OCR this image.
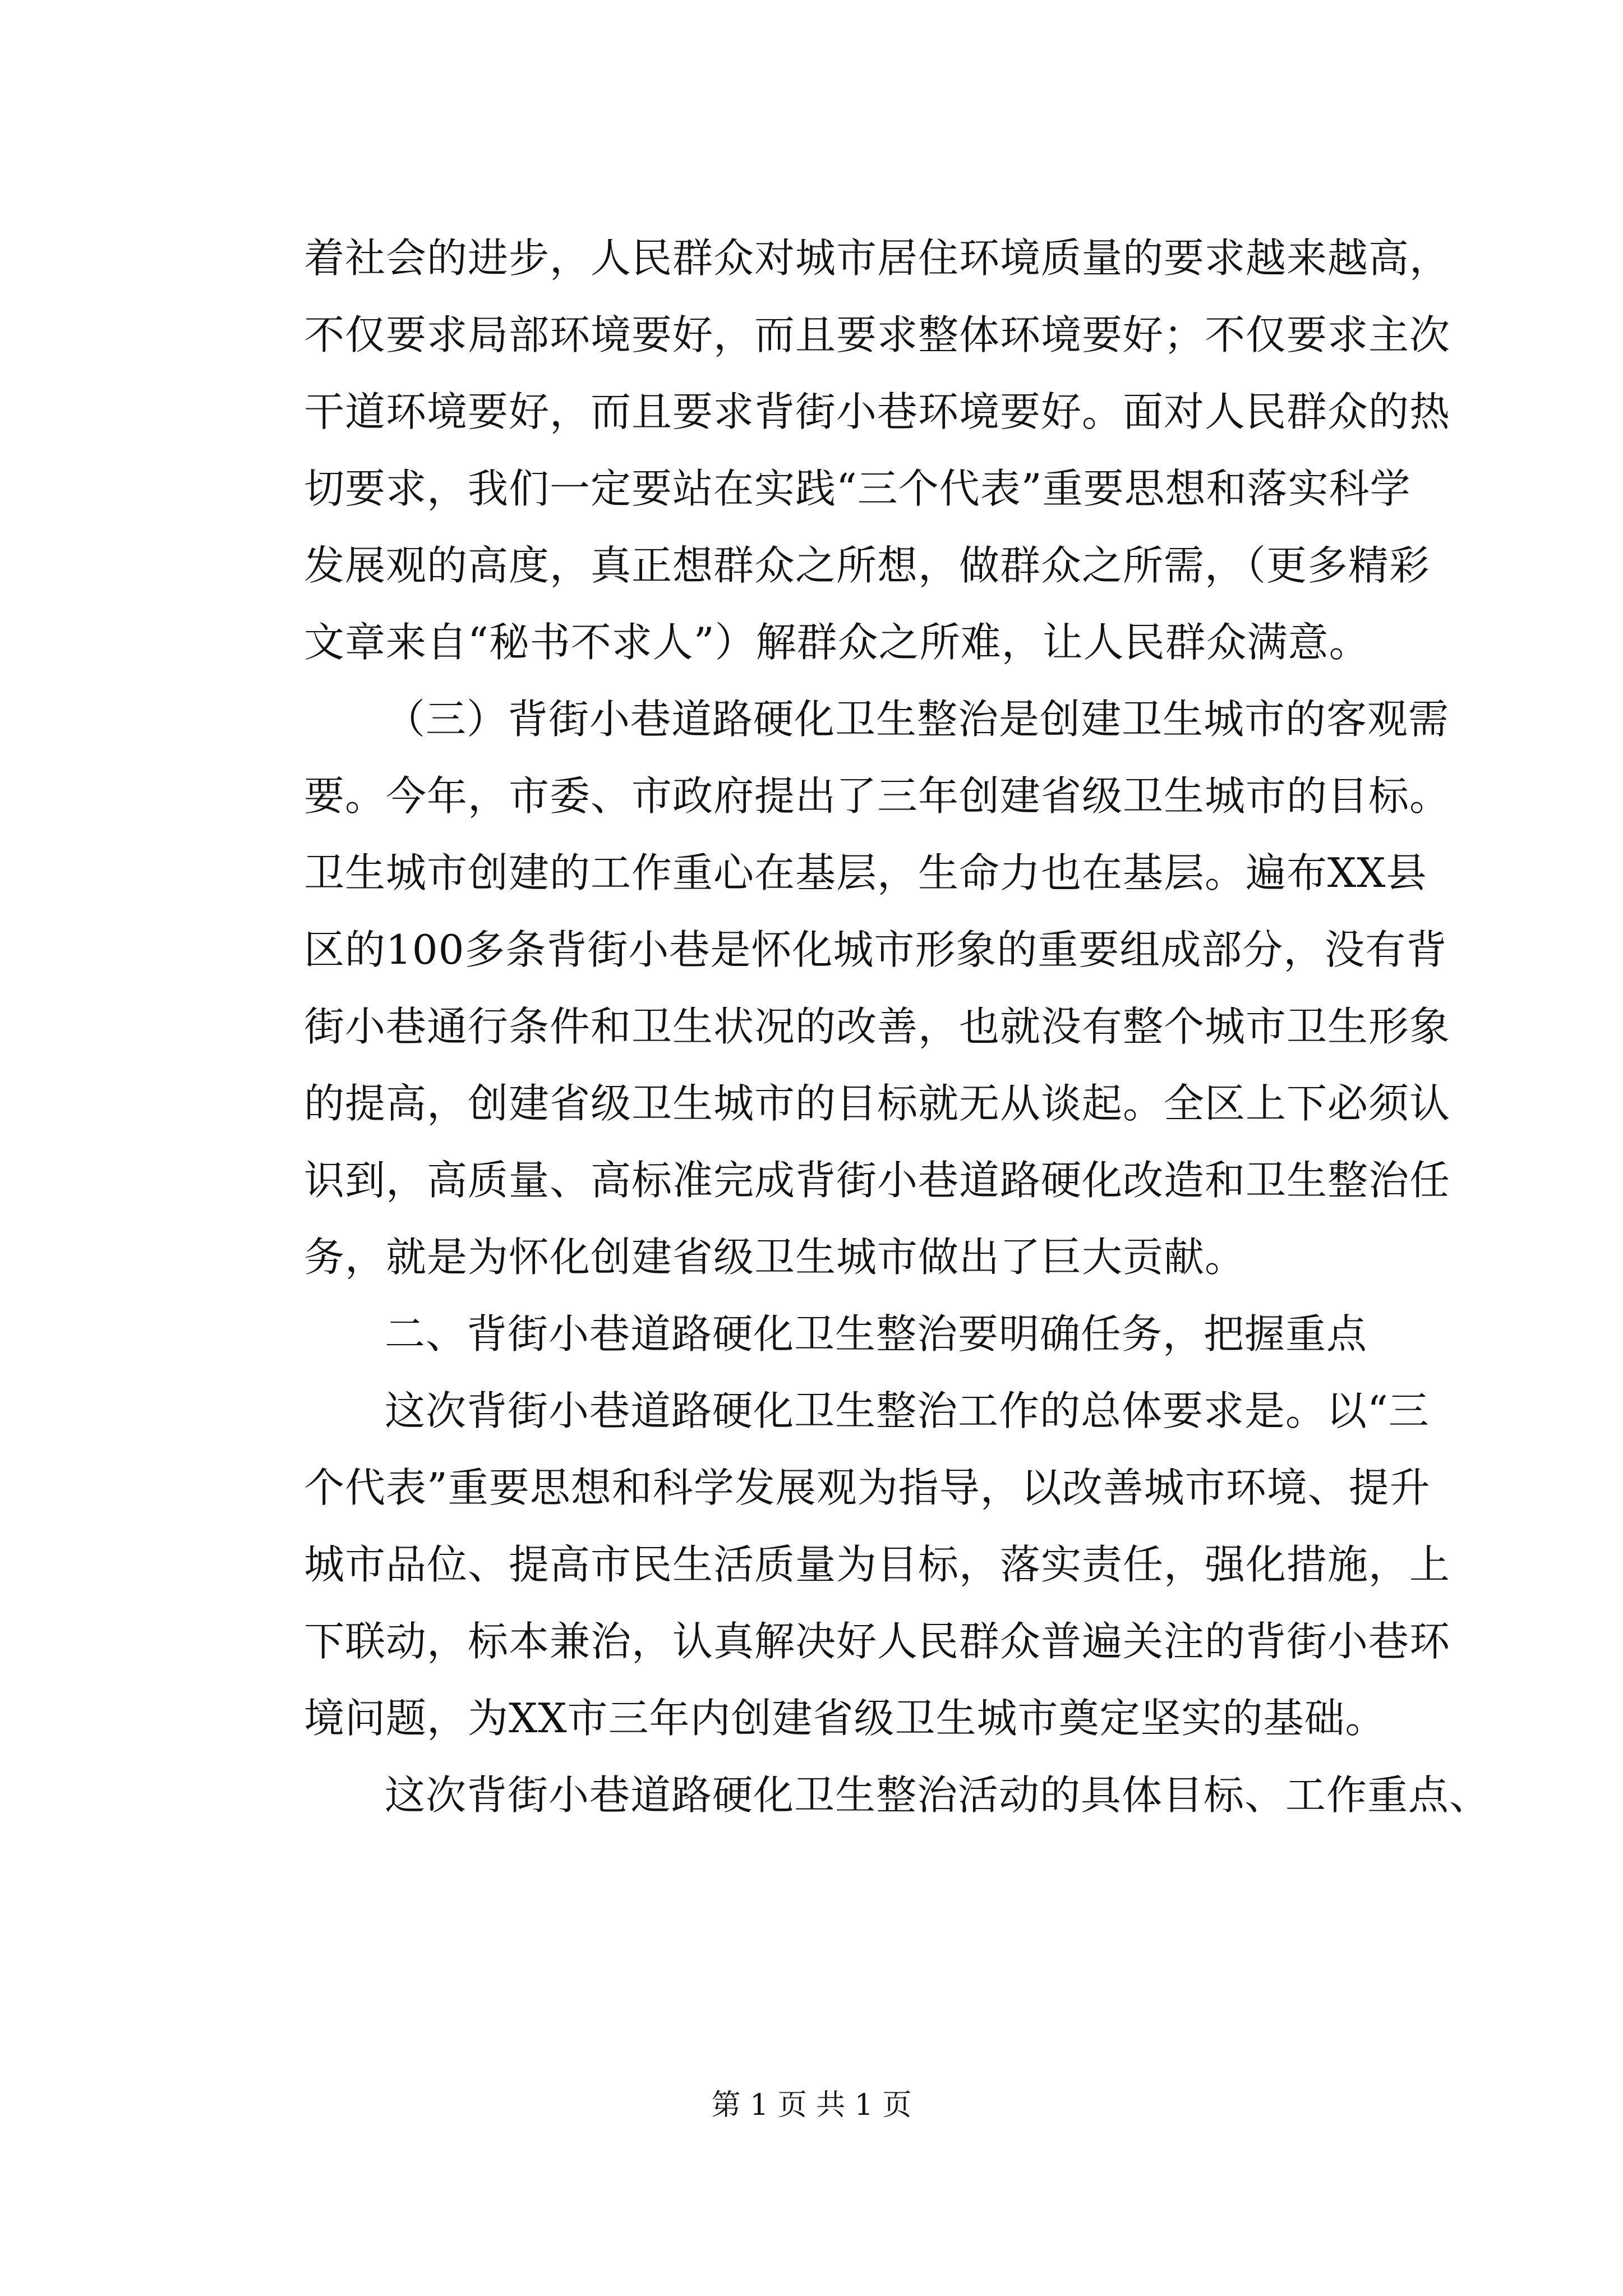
着社会的进步，人民群众对城市居住环境质量的要求越来越高，
不仅要求局部环境要好，而且要求整体环境要好；不仅要求主次
干道环境要好，而且要求背街小巷环境要好。面对人民群众的热
切要求，我们一定要站在实践“三个代表”重要思想和落实科学
发展观的高度，真正想群众之所想，做群众之所需，（更多精彩
文章来自“秘书不求人”）解群众之所难，让人民群众满意。
（三）背街小巷道路硬化卫生整治是创建卫生城市的客观需
要。今年，市委、市政府提出了三年创建省级卫生城市的目标。
卫生城市创建的工作重心在基层，生命力也在基层。遍布XX县
区的100多条背街小巷是怀化城市形象的重要组成部分，没有背
街小巷通行条件和卫生状况的改善，也就没有整个城市卫生形象
的提高，创建省级卫生城市的目标就无从谈起。全区上下必须认
识到，高质量、高标准完成背街小巷道路硬化改造和卫生整治任
务，就是为怀化创建省级卫生城市做出了巨大贡献。
二、背街小巷道路硬化卫生整治要明确任务，把握重点
这次背街小巷道路硬化卫生整治工作的总体要求是。以“三
个代表”重要思想和科学发展观为指导，以改善城市环境、提升
城市品位、提高市民生活质量为目标，落实责任，强化措施，上
下联动，标本兼治，认真解决好人民群众普遍关注的背街小巷环
境问题，为XX市三年内创建省级卫生城市奠定坚实的基础。
这次背街小巷道路硬化卫生整治活动的具体目标、工作重点、
第 1 页 共 1 页
